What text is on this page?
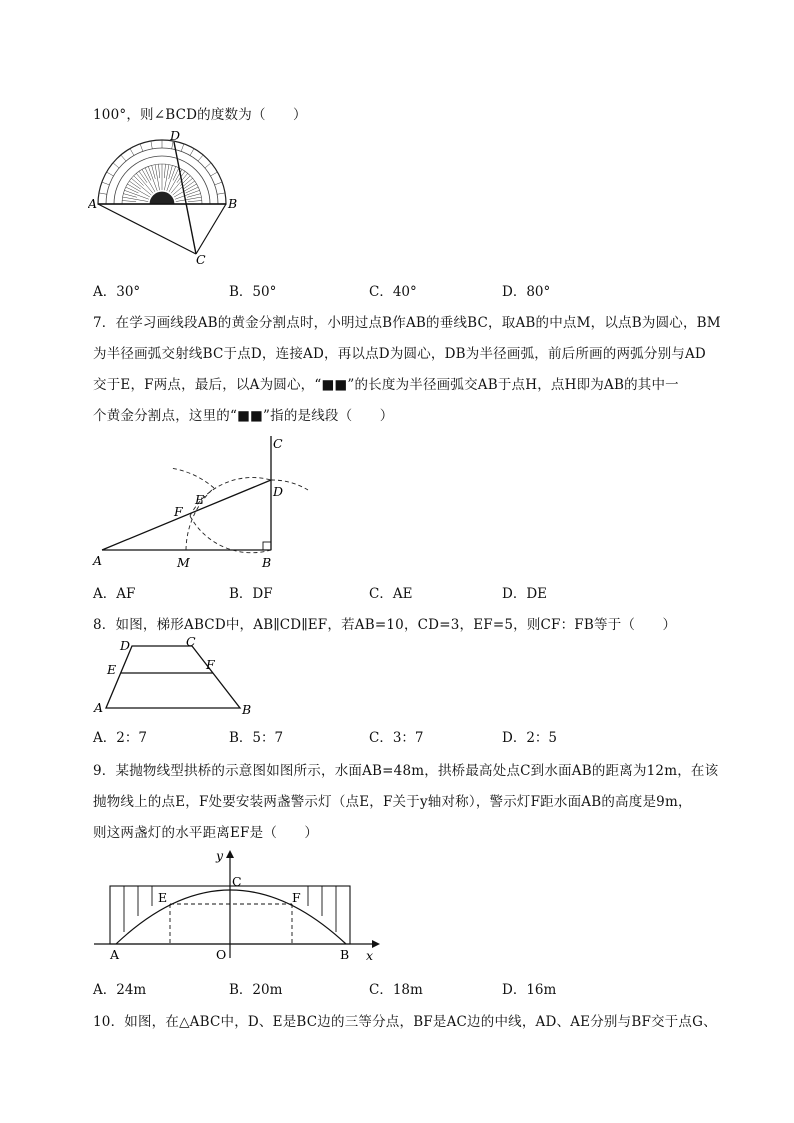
100°，则∠BCD的度数为（　　）
A	B
C
D
A．30°	B．50°	C．40°	D．80°
7．在学习画线段AB的黄金分割点时，小明过点B作AB的垂线BC，取AB的中点M，以点B为圆心，BM
为半径画弧交射线BC于点D，连接AD，再以点D为圆心，DB为半径画弧，前后所画的两弧分别与AD
交于E，F两点，最后，以A为圆心，“■■”的长度为半径画弧交AB于点H，点H即为AB的其中一
个黄金分割点，这里的“■■”指的是线段（　　）
A	M	B
C
D
E
F
A．AF	B．DF	C．AE	D．DE
8．如图，梯形ABCD中，AB∥CD∥EF，若AB=10，CD=3，EF=5，则CF：FB等于（　　）
A	B
C
D
E	F
A．2：7	B．5：7	C．3：7	D．2：5
9．某抛物线型拱桥的示意图如图所示，水面AB=48m，拱桥最高处点C到水面AB的距离为12m，在该
抛物线上的点E，F处要安装两盏警示灯（点E，F关于y轴对称），警示灯F距水面AB的高度是9m，
则这两盏灯的水平距离EF是（　　）
y
x
C
E	F
A	O	B
A．24m	B．20m	C．18m	D．16m
10．如图，在△ABC中，D、E是BC边的三等分点，BF是AC边的中线，AD、AE分别与BF交于点G、
